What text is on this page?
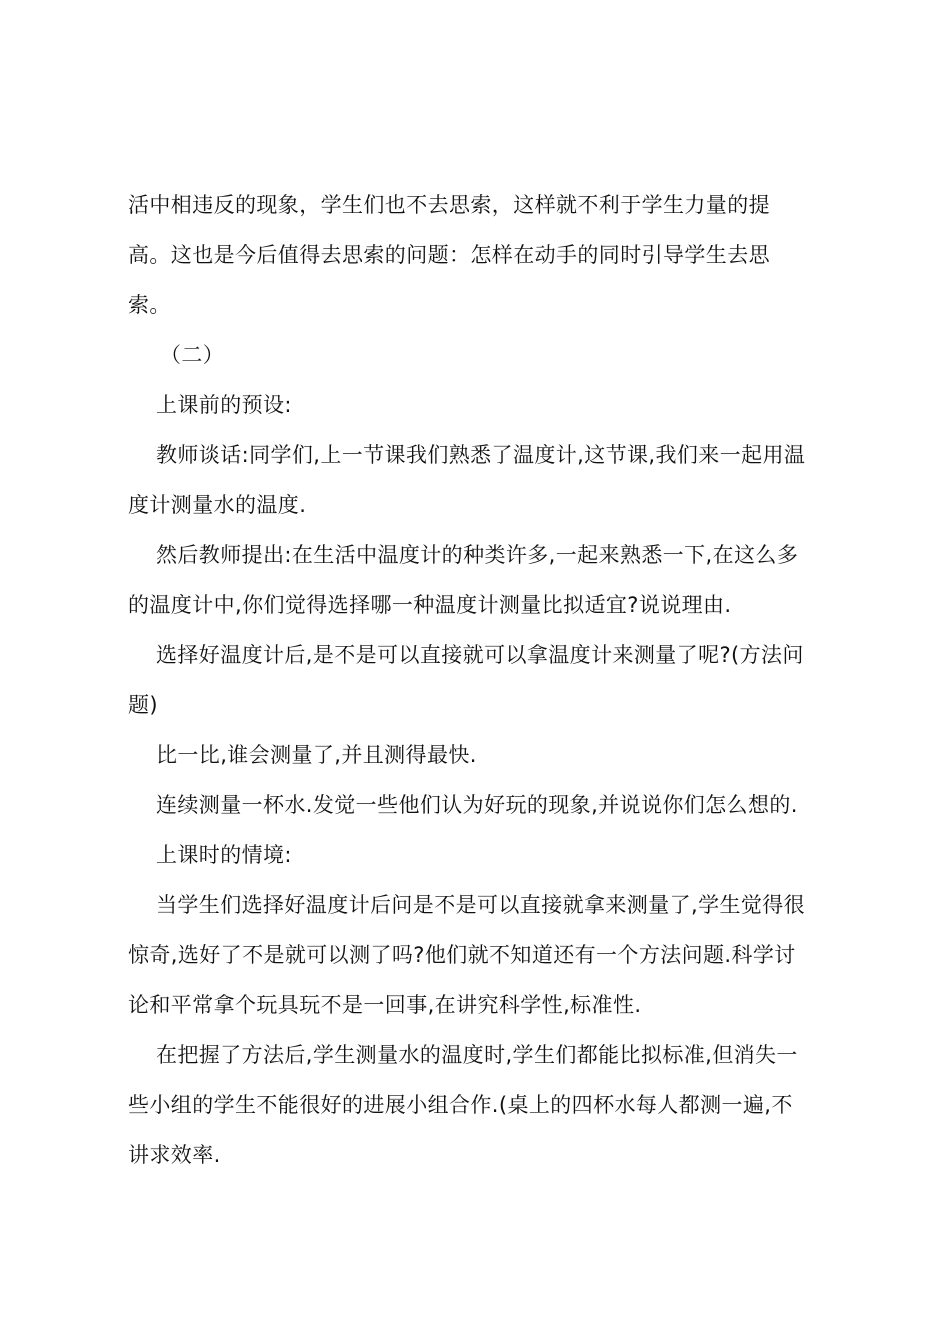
活中相违反的现象，学生们也不去思索，这样就不利于学生力量的提
高。这也是今后值得去思索的问题：怎样在动手的同时引导学生去思
索。
（二）
上课前的预设:
教师谈话:同学们,上一节课我们熟悉了温度计,这节课,我们来一起用温
度计测量水的温度.
然后教师提出:在生活中温度计的种类许多,一起来熟悉一下,在这么多
的温度计中,你们觉得选择哪一种温度计测量比拟适宜?说说理由.
选择好温度计后,是不是可以直接就可以拿温度计来测量了呢?(方法问
题)
比一比,谁会测量了,并且测得最快.
连续测量一杯水.发觉一些他们认为好玩的现象,并说说你们怎么想的.
上课时的情境:
当学生们选择好温度计后问是不是可以直接就拿来测量了,学生觉得很
惊奇,选好了不是就可以测了吗?他们就不知道还有一个方法问题.科学讨
论和平常拿个玩具玩不是一回事,在讲究科学性,标准性.
在把握了方法后,学生测量水的温度时,学生们都能比拟标准,但消失一
些小组的学生不能很好的进展小组合作.(桌上的四杯水每人都测一遍,不
讲求效率.
